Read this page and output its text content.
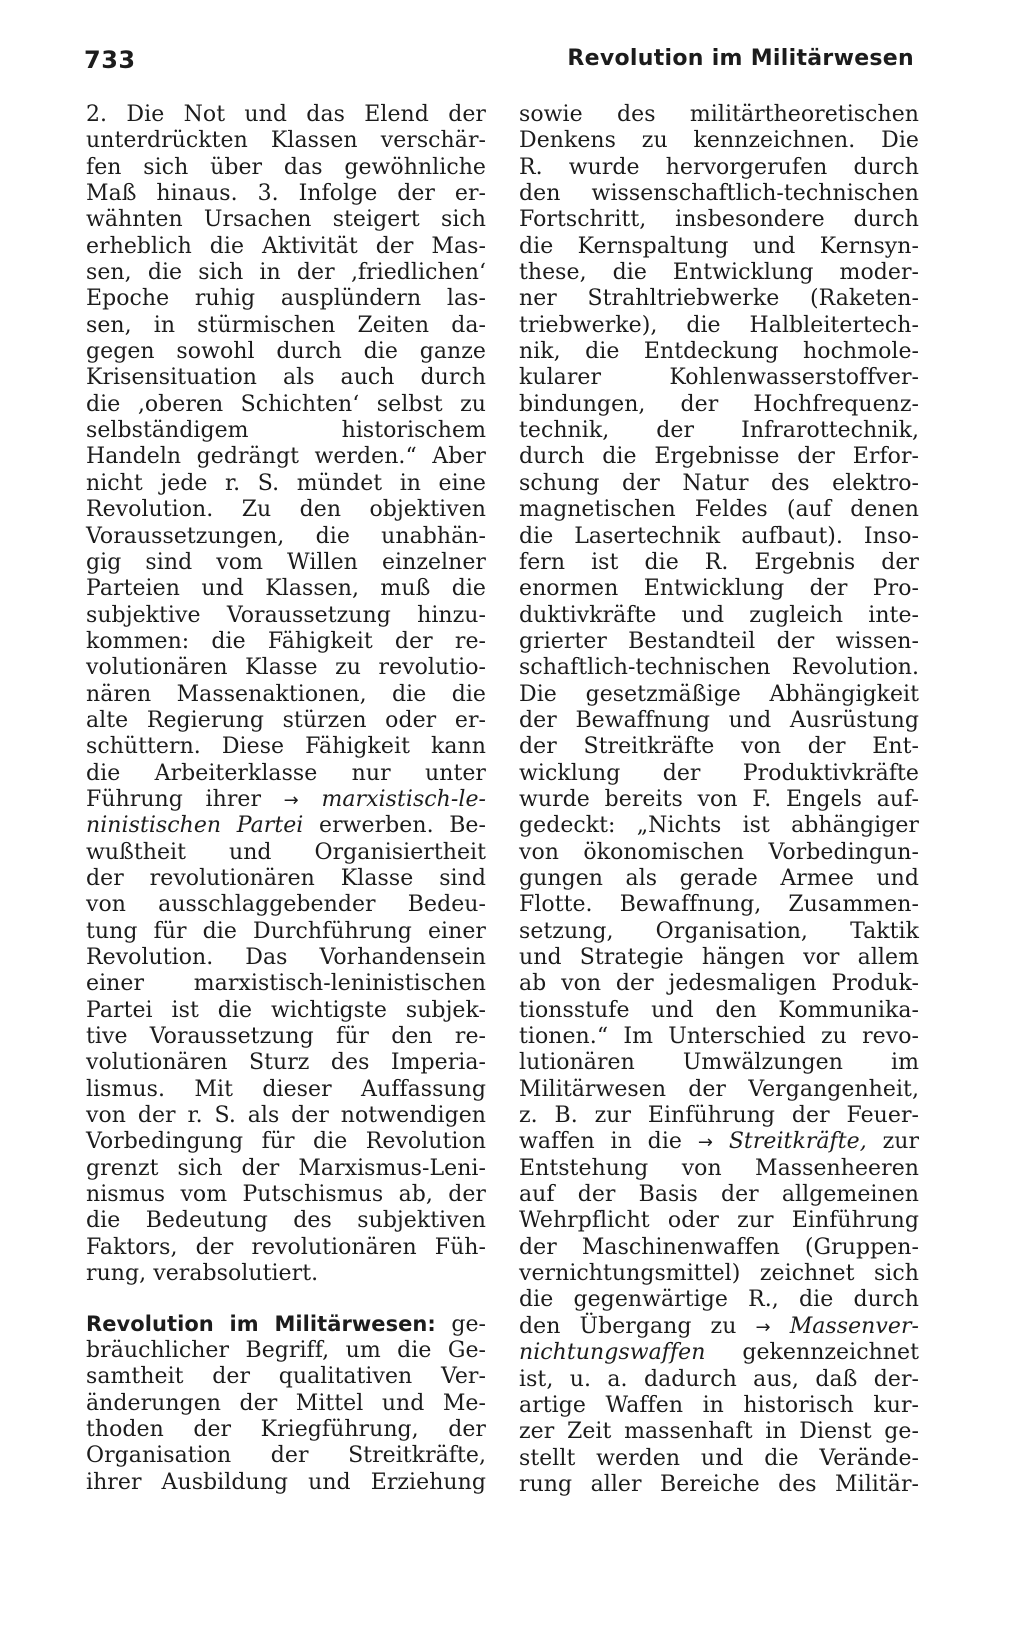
733	Revolution im Militärwesen
2. Die Not und das Elend der
unterdrückten Klassen verschär-
fen sich über das gewöhnliche
Maß hinaus. 3. Infolge der er-
wähnten Ursachen steigert sich
erheblich die Aktivität der Mas-
sen, die sich in der ‚friedlichen‘
Epoche ruhig ausplündern las-
sen, in stürmischen Zeiten da-
gegen sowohl durch die ganze
Krisensituation als auch durch
die ‚oberen Schichten‘ selbst zu
selbständigem historischem
Handeln gedrängt werden.“ Aber
nicht jede r. S. mündet in eine
Revolution. Zu den objektiven
Voraussetzungen, die unabhän-
gig sind vom Willen einzelner
Parteien und Klassen, muß die
subjektive Voraussetzung hinzu-
kommen: die Fähigkeit der re-
volutionären Klasse zu revolutio-
nären Massenaktionen, die die
alte Regierung stürzen oder er-
schüttern. Diese Fähigkeit kann
die Arbeiterklasse nur unter
Führung ihrer → marxistisch-le-
ninistischen Partei erwerben. Be-
wußtheit und Organisiertheit
der revolutionären Klasse sind
von ausschlaggebender Bedeu-
tung für die Durchführung einer
Revolution. Das Vorhandensein
einer marxistisch-leninistischen
Partei ist die wichtigste subjek-
tive Voraussetzung für den re-
volutionären Sturz des Imperia-
lismus. Mit dieser Auffassung
von der r. S. als der notwendigen
Vorbedingung für die Revolution
grenzt sich der Marxismus-Leni-
nismus vom Putschismus ab, der
die Bedeutung des subjektiven
Faktors, der revolutionären Füh-
rung, verabsolutiert.
Revolution im Militärwesen: ge-
bräuchlicher Begriff, um die Ge-
samtheit der qualitativen Ver-
änderungen der Mittel und Me-
thoden der Kriegführung, der
Organisation der Streitkräfte,
ihrer Ausbildung und Erziehung
sowie des militärtheoretischen
Denkens zu kennzeichnen. Die
R. wurde hervorgerufen durch
den wissenschaftlich-technischen
Fortschritt, insbesondere durch
die Kernspaltung und Kernsyn-
these, die Entwicklung moder-
ner Strahltriebwerke (Raketen-
triebwerke), die Halbleitertech-
nik, die Entdeckung hochmole-
kularer Kohlenwasserstoffver-
bindungen, der Hochfrequenz-
technik, der Infrarottechnik,
durch die Ergebnisse der Erfor-
schung der Natur des elektro-
magnetischen Feldes (auf denen
die Lasertechnik aufbaut). Inso-
fern ist die R. Ergebnis der
enormen Entwicklung der Pro-
duktivkräfte und zugleich inte-
grierter Bestandteil der wissen-
schaftlich-technischen Revolution.
Die gesetzmäßige Abhängigkeit
der Bewaffnung und Ausrüstung
der Streitkräfte von der Ent-
wicklung der Produktivkräfte
wurde bereits von F. Engels auf-
gedeckt: „Nichts ist abhängiger
von ökonomischen Vorbedingun-
gungen als gerade Armee und
Flotte. Bewaffnung, Zusammen-
setzung, Organisation, Taktik
und Strategie hängen vor allem
ab von der jedesmaligen Produk-
tionsstufe und den Kommunika-
tionen.“ Im Unterschied zu revo-
lutionären Umwälzungen im
Militärwesen der Vergangenheit,
z. B. zur Einführung der Feuer-
waffen in die → Streitkräfte, zur
Entstehung von Massenheeren
auf der Basis der allgemeinen
Wehrpflicht oder zur Einführung
der Maschinenwaffen (Gruppen-
vernichtungsmittel) zeichnet sich
die gegenwärtige R., die durch
den Übergang zu → Massenver-
nichtungswaffen gekennzeichnet
ist, u. a. dadurch aus, daß der-
artige Waffen in historisch kur-
zer Zeit massenhaft in Dienst ge-
stellt werden und die Verände-
rung aller Bereiche des Militär-
